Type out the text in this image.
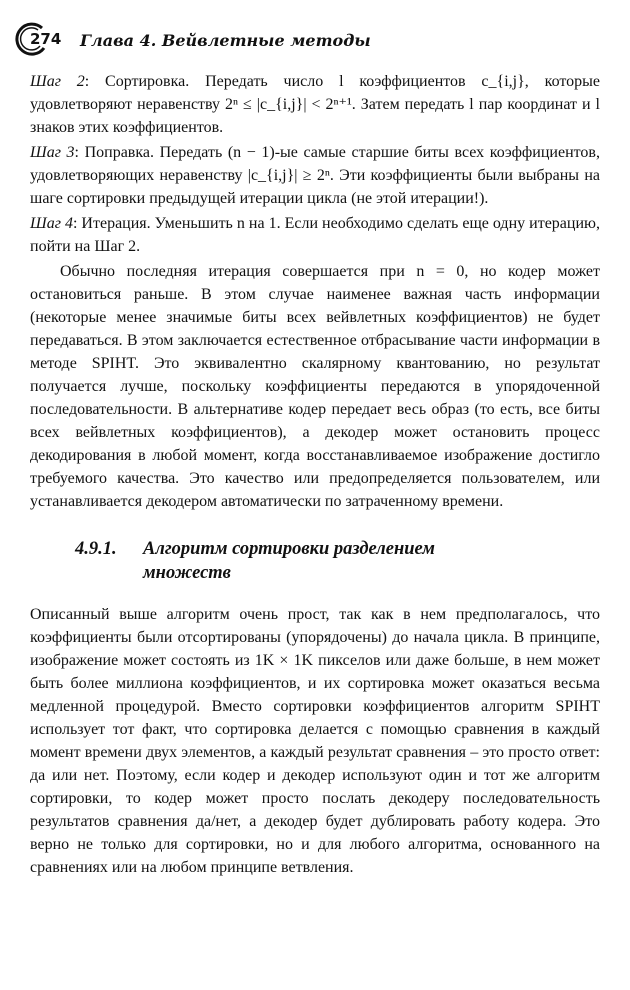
274 Глава 4. Вейвлетные методы

Шаг 2: Сортировка. Передать число l коэффициентов c_{i,j}, которые удовлетворяют неравенству 2ⁿ ≤ |c_{i,j}| < 2ⁿ⁺¹. Затем передать l пар координат и l знаков этих коэффициентов.

Шаг 3: Поправка. Передать (n − 1)-ые самые старшие биты всех коэффициентов, удовлетворяющих неравенству |c_{i,j}| ≥ 2ⁿ. Эти коэффициенты были выбраны на шаге сортировки предыдущей итерации цикла (не этой итерации!).

Шаг 4: Итерация. Уменьшить n на 1. Если необходимо сделать еще одну итерацию, пойти на Шаг 2.

Обычно последняя итерация совершается при n = 0, но кодер может остановиться раньше. В этом случае наименее важная часть информации (некоторые менее значимые биты всех вейвлетных коэффициентов) не будет передаваться. В этом заключается естественное отбрасывание части информации в методе SPIHT. Это эквивалентно скалярному квантованию, но результат получается лучше, поскольку коэффициенты передаются в упорядоченной последовательности. В альтернативе кодер передает весь образ (то есть, все биты всех вейвлетных коэффициентов), а декодер может остановить процесс декодирования в любой момент, когда восстанавливаемое изображение достигло требуемого качества. Это качество или предопределяется пользователем, или устанавливается декодером автоматически по затраченному времени.

4.9.1. Алгоритм сортировки разделением
множеств

Описанный выше алгоритм очень прост, так как в нем предполагалось, что коэффициенты были отсортированы (упорядочены) до начала цикла. В принципе, изображение может состоять из 1K × 1K пикселов или даже больше, в нем может быть более миллиона коэффициентов, и их сортировка может оказаться весьма медленной процедурой. Вместо сортировки коэффициентов алгоритм SPIHT использует тот факт, что сортировка делается с помощью сравнения в каждый момент времени двух элементов, а каждый результат сравнения – это просто ответ: да или нет. Поэтому, если кодер и декодер используют один и тот же алгоритм сортировки, то кодер может просто послать декодеру последовательность результатов сравнения да/нет, а декодер будет дублировать работу кодера. Это верно не только для сортировки, но и для любого алгоритма, основанного на сравнениях или на любом принципе ветвления.
